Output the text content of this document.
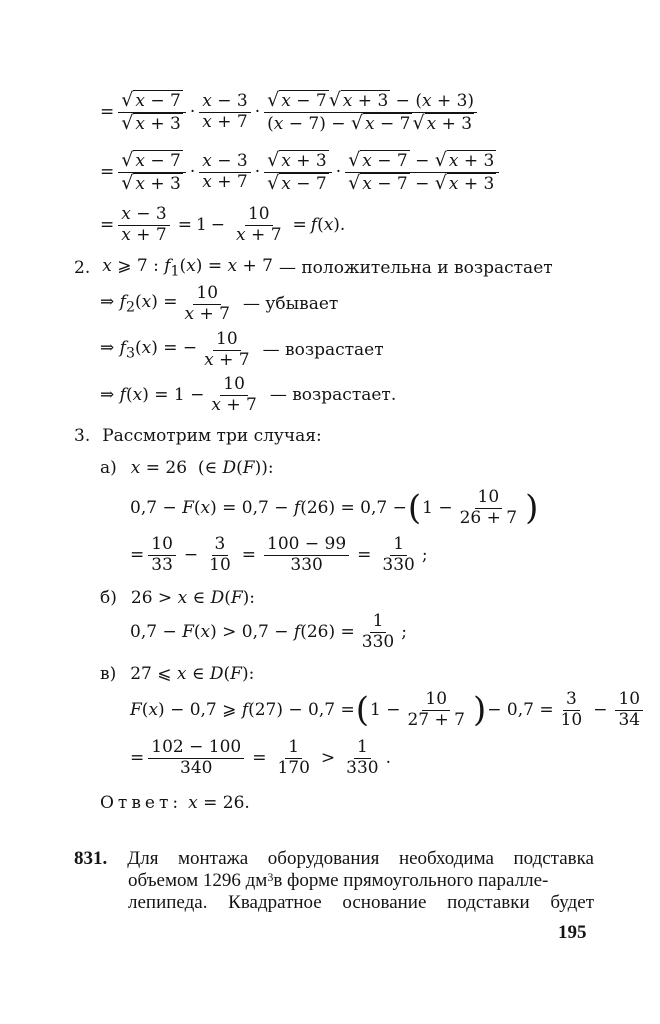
= $\frac{√ x - 7}{√ x + 3} \cdot \frac{x - 3}{x + 7} \cdot \frac{√ x - 7 √ x + 3 - (x + 3)}{(x - 7) - √ x - 7 √ x + 3}$
= $\frac{√ x - 7}{√ x + 3} \cdot \frac{x - 3}{x + 7} \cdot \frac{√ x + 3}{√ x - 7} \cdot \frac{√ x - 7 - √ x + 3}{√ x - 7 - √ x + 3}$
= $\frac{x - 3}{x + 7} = 1 - \frac{10}{x + 7} = f(x)$.
2. x ⩾ 7 : $f_1(x) = x + 7$ — положительна и возрастает
⇒ $f_2(x) = \frac{10}{x + 7}$ — убывает
⇒ $f_3(x)$ = − $\frac{10}{x + 7}$ — возрастает
⇒ $f(x) = 1 - \frac{10}{x + 7}$ — возрастает.
3. Рассмотрим три случая:
а) x = 26  (∈ D(F)):
0,7 − F(x) = 0,7 − f(26) = 0,7 − ( $1 - \frac{10}{26 + 7}$ )
= $\frac{10}{33} - \frac{3}{10} = \frac{100 - 99}{330} = \frac{1}{330}$ ;
б) 26 > x ∈ D(F):
$0,7 - F(x) > 0,7 - f(26) = \frac{1}{330}$ ;
в) 27 ⩽ x ∈ D(F):
F(x) − 0,7 ⩾ f(27) − 0,7 = ( $1 - \frac{10}{27 + 7}$ ) − $0,7 = \frac{3}{10} - \frac{10}{34}$
= $\frac{102 - 100}{340} = \frac{1}{170} > \frac{1}{330}$ .
Ответ: x = 26.
831. Для монтажа оборудования необходима подставка
объемом 1296 дм 3 в форме прямоугольного паралле-
лепипеда. Квадратное основание подставки будет
195
